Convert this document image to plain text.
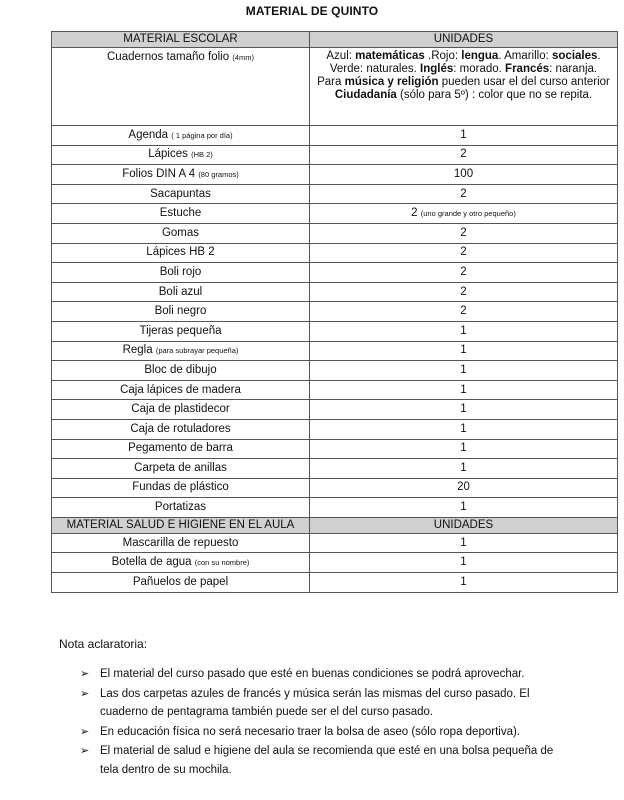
MATERIAL DE QUINTO
MATERIAL ESCOLAR	UNIDADES
Cuadernos tamaño folio (4mm)	Azul: matemáticas .Rojo: lengua. Amarillo: sociales. Verde: naturales. Inglés: morado. Francés: naranja.
Para música y religión pueden usar el del curso anterior
Ciudadanía (sólo para 5º) : color que no se repita.
Agenda ( 1 página por día)	1
Lápices (HB 2)	2
Folios DIN A 4 (80 gramos)	100
Sacapuntas	2
Estuche	2 (uno grande y otro pequeño)
Gomas	2
Lápices HB 2	2
Boli rojo	2
Boli azul	2
Boli negro	2
Tijeras pequeña	1
Regla (para subrayar pequeña)	1
Bloc de dibujo	1
Caja lápices de madera	1
Caja de plastidecor	1
Caja de rotuladores	1
Pegamento de barra	1
Carpeta de anillas	1
Fundas de plástico	20
Portatizas	1
MATERIAL SALUD E HIGIENE EN EL AULA	UNIDADES
Mascarilla de repuesto	1
Botella de agua (con su nombre)	1
Pañuelos de papel	1
Nota aclaratoria:
➢ El material del curso pasado que esté en buenas condiciones se podrá aprovechar.
➢ Las dos carpetas azules de francés y música serán las mismas del curso pasado. El cuaderno de pentagrama también puede ser el del curso pasado.
➢ En educación física no será necesario traer la bolsa de aseo (sólo ropa deportiva).
➢ El material de salud e higiene del aula se recomienda que esté en una bolsa pequeña de tela dentro de su mochila.
